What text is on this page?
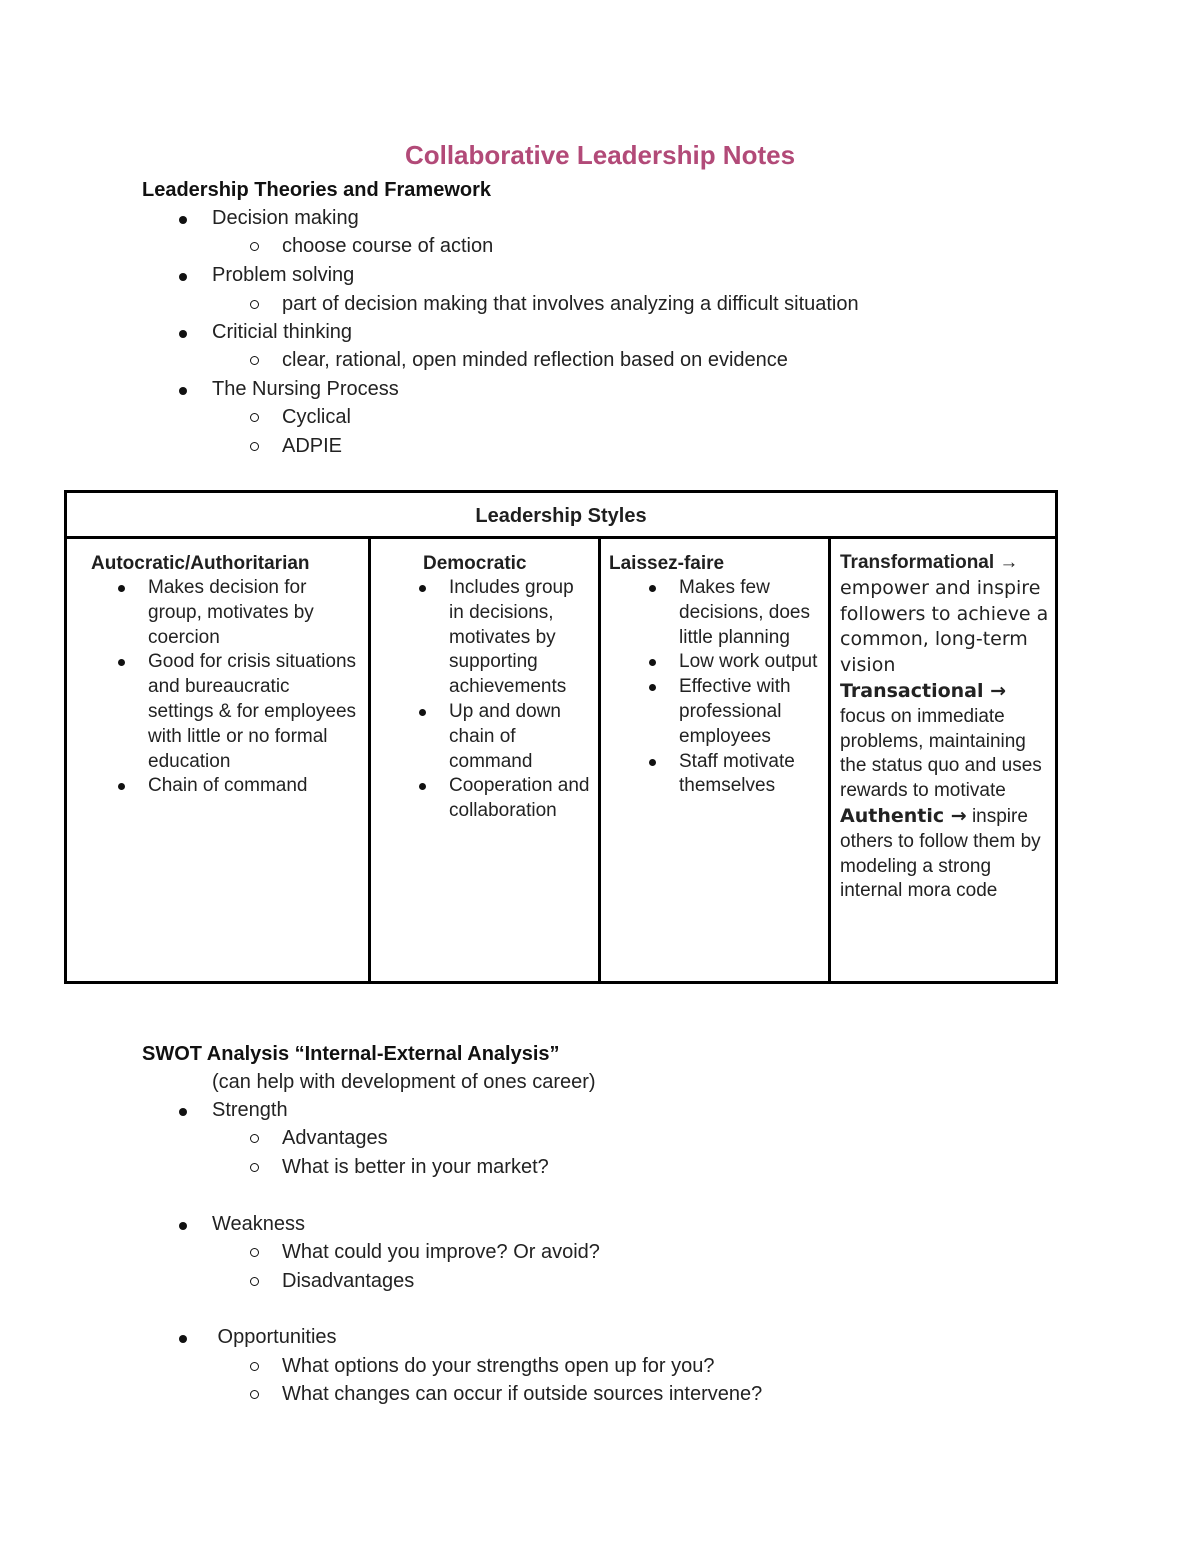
Collaborative Leadership Notes
Leadership Theories and Framework
Decision making
choose course of action
Problem solving
part of decision making that involves analyzing a difficult situation
Criticial thinking
clear, rational, open minded reflection based on evidence
The Nursing Process
Cyclical
ADPIE
Leadership Styles
Autocratic/Authoritarian
Makes decision for group, motivates by coercion
Good for crisis situations and bureaucratic settings & for employees with little or no formal education
Chain of command
Democratic
Includes group in decisions, motivates by supporting achievements
Up and down chain of command
Cooperation and collaboration
Laissez-faire
Makes few decisions, does little planning
Low work output
Effective with professional employees
Staff motivate themselves
Transformational → empower and inspire followers to achieve a common, long-term vision
Transactional → focus on immediate problems, maintaining the status quo and uses rewards to motivate
Authentic → inspire others to follow them by modeling a strong internal mora code
SWOT Analysis “Internal-External Analysis”
(can help with development of ones career)
Strength
Advantages
What is better in your market?
Weakness
What could you improve? Or avoid?
Disadvantages
Opportunities
What options do your strengths open up for you?
What changes can occur if outside sources intervene?
